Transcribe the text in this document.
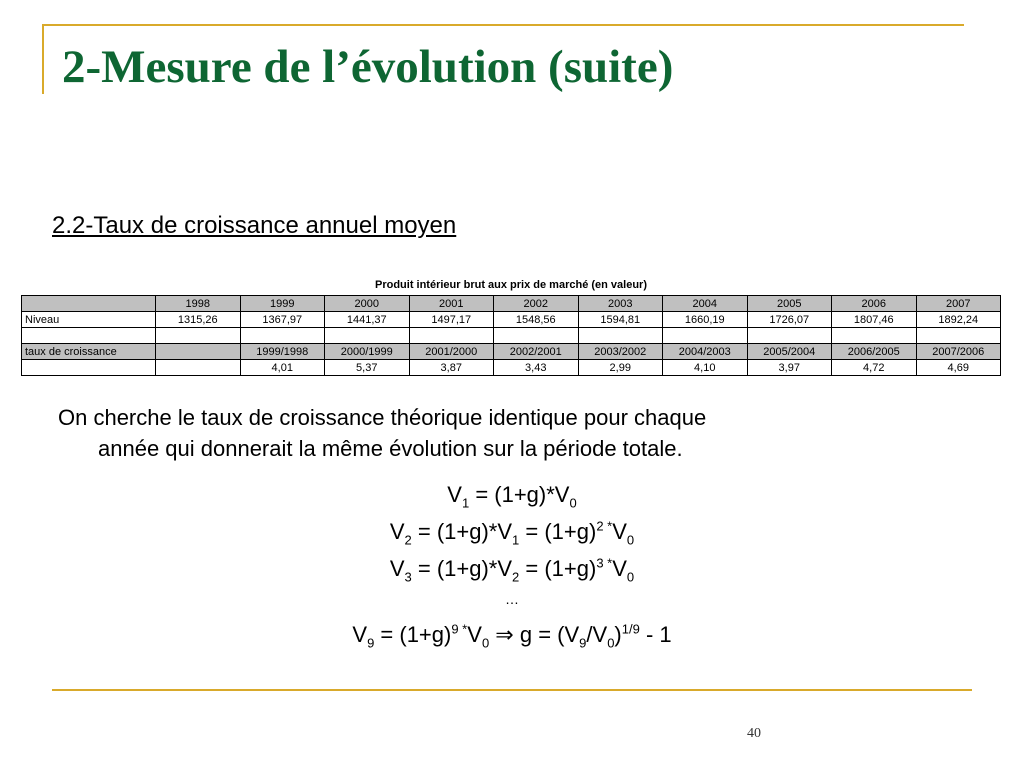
2-Mesure de l’évolution (suite)
2.2-Taux de croissance annuel moyen
Produit intérieur brut aux prix de marché (en valeur)
	1998	1999	2000	2001	2002	2003	2004	2005	2006	2007
Niveau	1315,26	1367,97	1441,37	1497,17	1548,56	1594,81	1660,19	1726,07	1807,46	1892,24

taux de croissance		1999/1998	2000/1999	2001/2000	2002/2001	2003/2002	2004/2003	2005/2004	2006/2005	2007/2006
		4,01	5,37	3,87	3,43	2,99	4,10	3,97	4,72	4,69

On cherche le taux de croissance théorique identique pour chaque

année qui donnerait la même évolution sur la période totale.

$V_1 = (1+g)*V_0$
$V_2 = (1+g)*V_1 = (1+g)^{2 *}V_0$
$V_3 = (1+g)*V_2 = (1+g)^{3 *}V_0$
…
$V_9 = (1+g)^{9 *}V_0$ ⇒ $g = (V_9/V_0)^{1/9} - 1$
40
